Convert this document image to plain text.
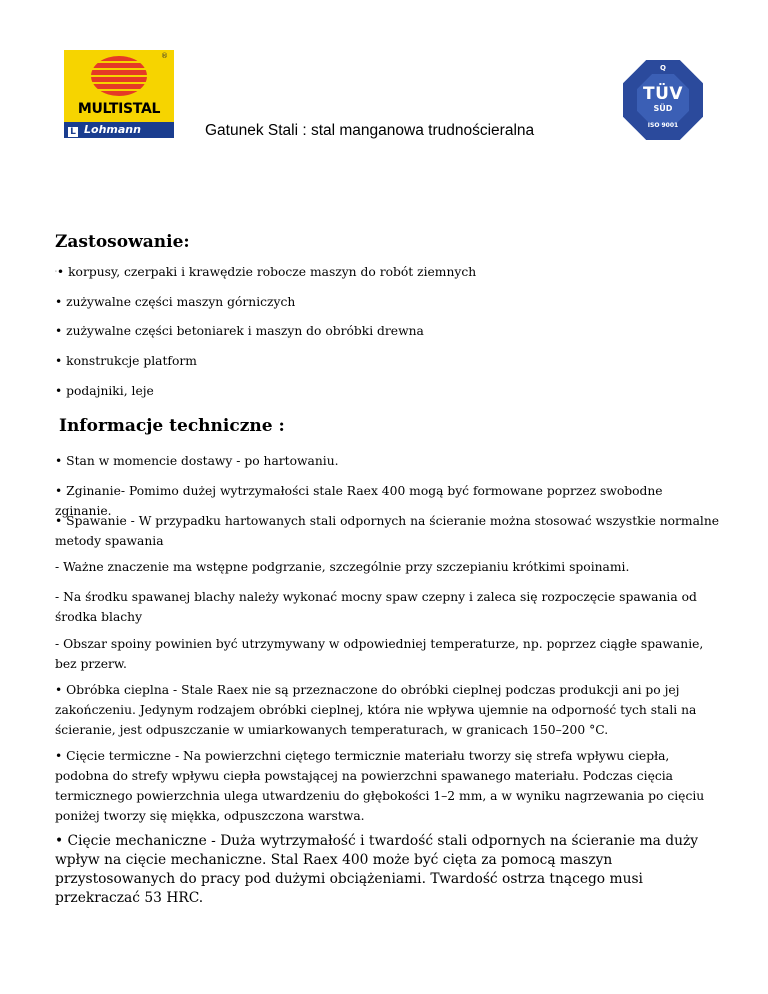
®
MULTISTAL
L Lohmann
Q
TÜV
SÜD
ISO 9001
Gatunek Stali : stal manganowa trudnościeralna
Zastosowanie:
·• korpusy, czerpaki i krawędzie robocze maszyn do robót ziemnych
• zużywalne części maszyn górniczych
• zużywalne części betoniarek i maszyn do obróbki drewna
• konstrukcje platform
• podajniki, leje
Informacje techniczne :
• Stan w momencie dostawy - po hartowaniu.
• Zginanie- Pomimo dużej wytrzymałości stale Raex 400 mogą być formowane poprzez swobodne zginanie.
• Spawanie - W przypadku hartowanych stali odpornych na ścieranie można stosować wszystkie normalne metody spawania
- Ważne znaczenie ma wstępne podgrzanie, szczególnie przy szczepianiu krótkimi spoinami.
- Na środku spawanej blachy należy wykonać mocny spaw czepny i zaleca się rozpoczęcie spawania od środka blachy
- Obszar spoiny powinien być utrzymywany w odpowiedniej temperaturze, np. poprzez ciągłe spawanie, bez przerw.
• Obróbka cieplna - Stale Raex nie są przeznaczone do obróbki cieplnej podczas produkcji ani po jej zakończeniu. Jedynym rodzajem obróbki cieplnej, która nie wpływa ujemnie na odporność tych stali na ścieranie, jest odpuszczanie w umiarkowanych temperaturach, w granicach 150–200 °C.
• Cięcie termiczne - Na powierzchni ciętego termicznie materiału tworzy się strefa wpływu ciepła, podobna do strefy wpływu ciepła powstającej na powierzchni spawanego materiału. Podczas cięcia termicznego powierzchnia ulega utwardzeniu do głębokości 1–2 mm, a w wyniku nagrzewania po cięciu poniżej tworzy się miękka, odpuszczona warstwa.
• Cięcie mechaniczne - Duża wytrzymałość i twardość stali odpornych na ścieranie ma duży wpływ na cięcie mechaniczne. Stal Raex 400 może być cięta za pomocą maszyn przystosowanych do pracy pod dużymi obciążeniami. Twardość ostrza tnącego musi przekraczać 53 HRC.
